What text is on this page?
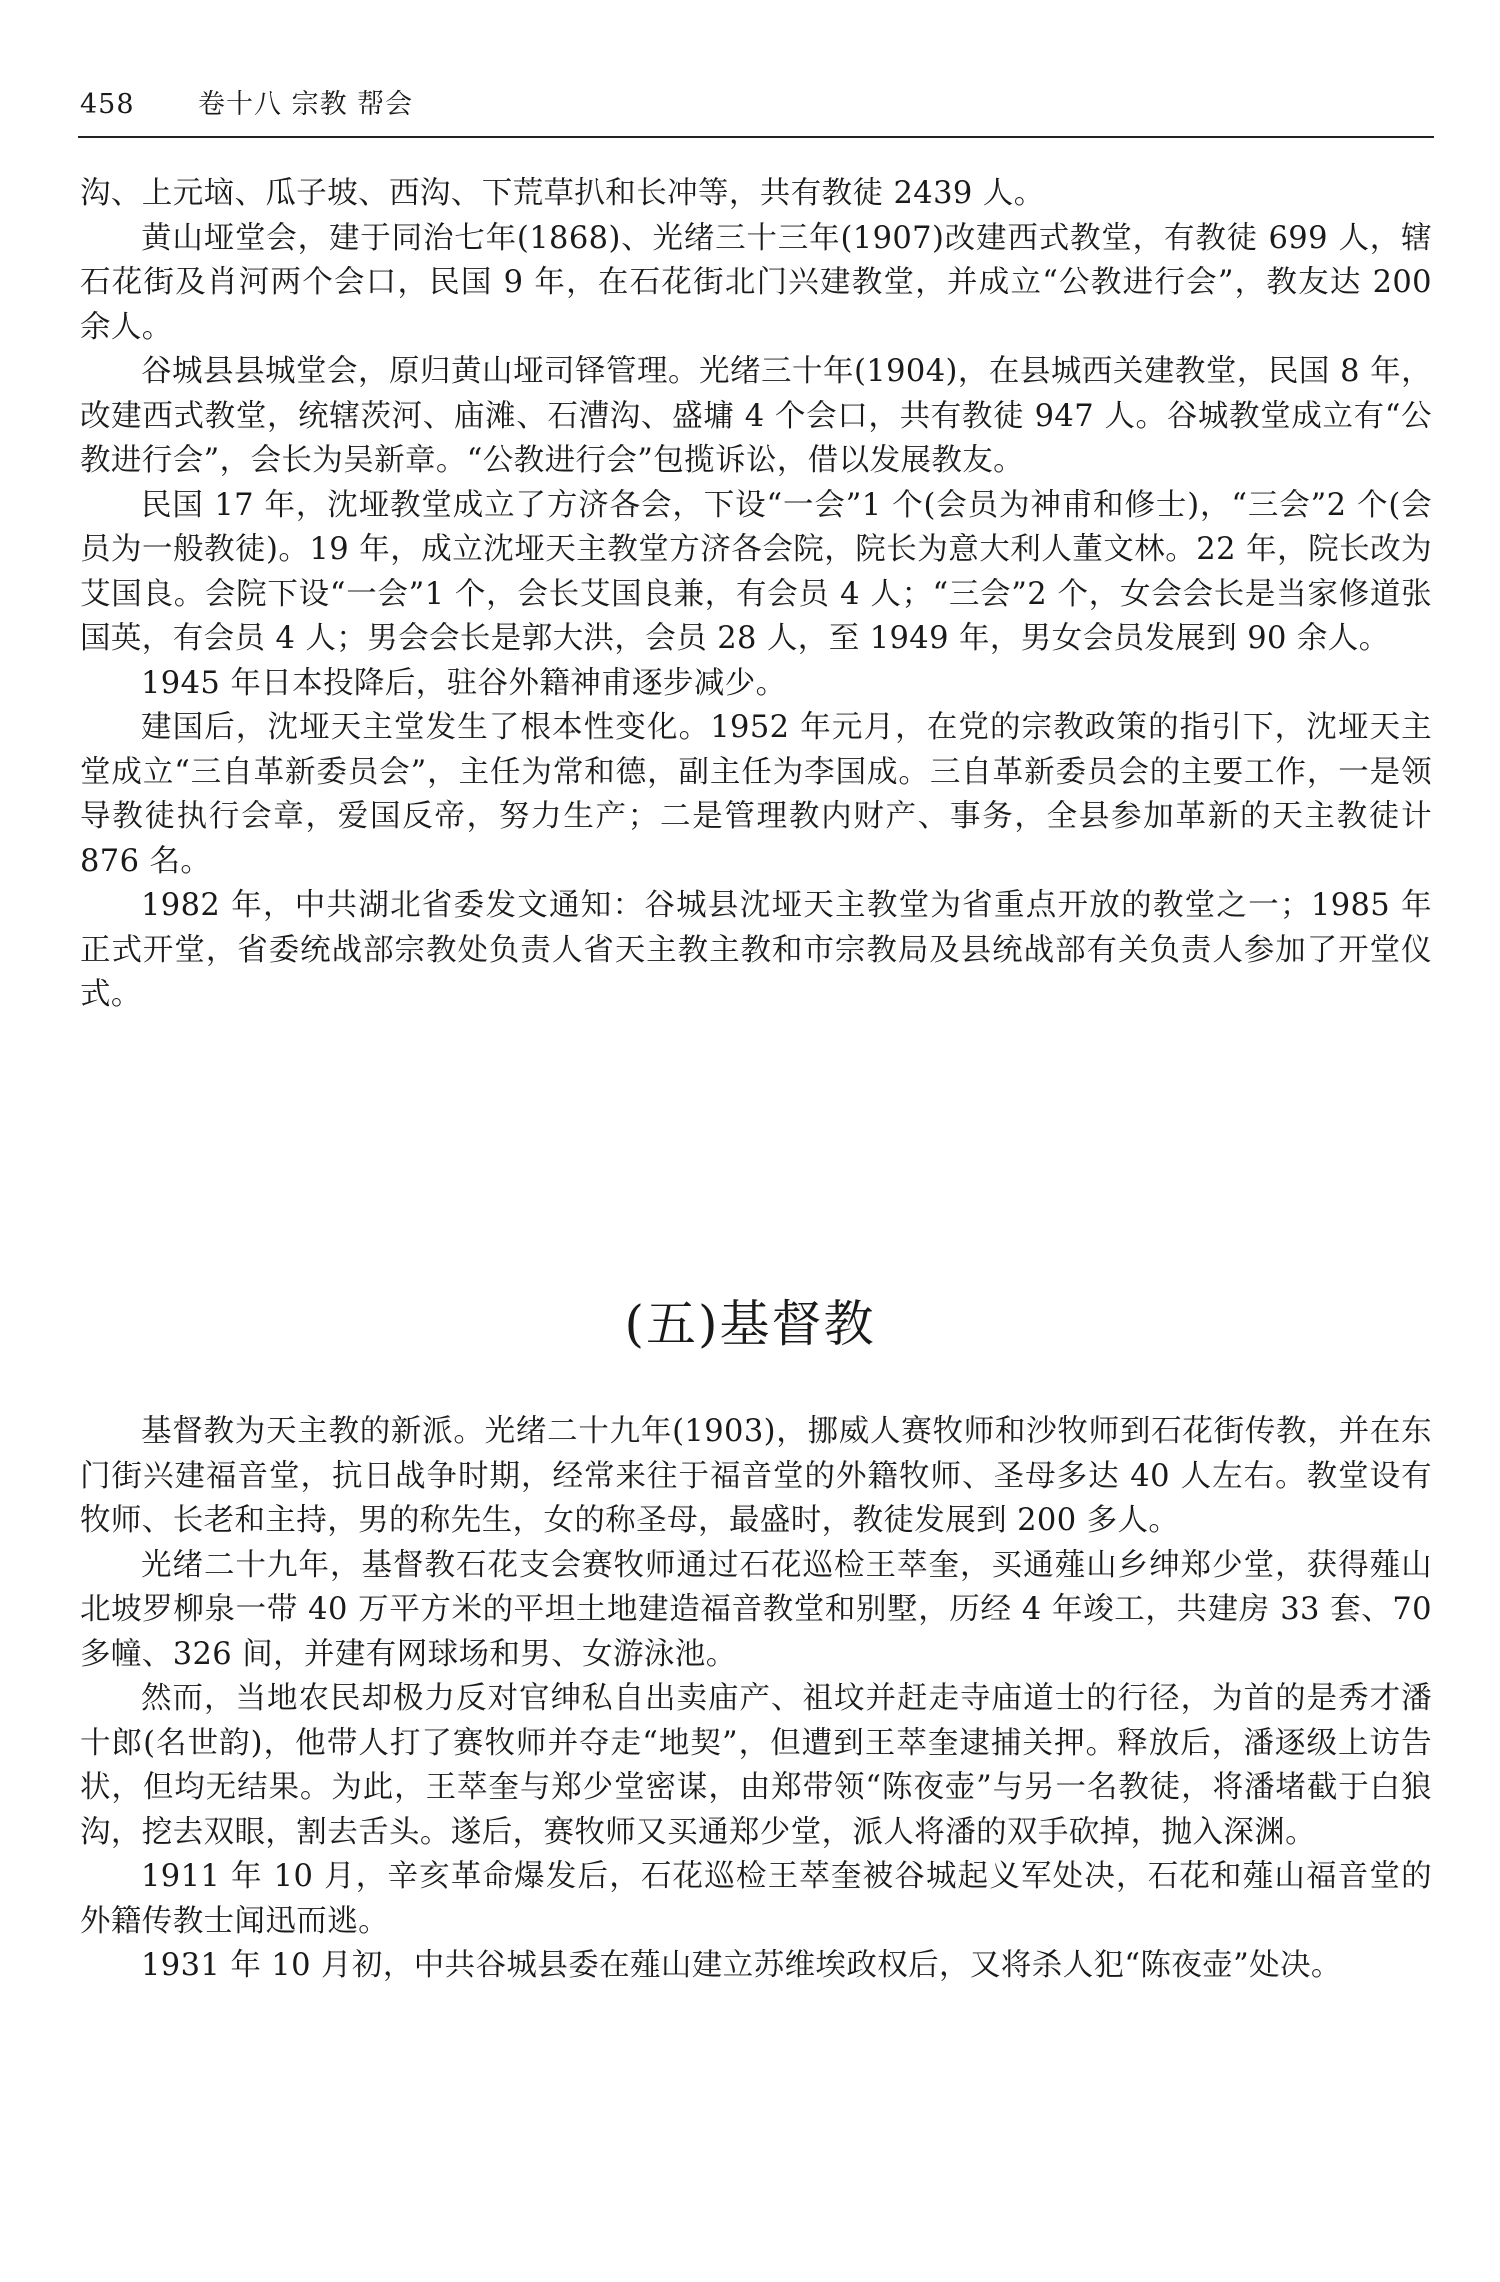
458 卷十八 宗教 帮会

沟、上元垴、瓜子坡、西沟、下荒草扒和长冲等，共有教徒 2439 人。

黄山垭堂会，建于同治七年(1868)、光绪三十三年(1907)改建西式教堂，有教徒 699 人，辖石花街及肖河两个会口，民国 9 年，在石花街北门兴建教堂，并成立“公教进行会”，教友达 200 余人。

谷城县县城堂会，原归黄山垭司铎管理。光绪三十年(1904)，在县城西关建教堂，民国 8 年，改建西式教堂，统辖茨河、庙滩、石漕沟、盛墉 4 个会口，共有教徒 947 人。谷城教堂成立有“公教进行会”，会长为吴新章。“公教进行会”包揽诉讼，借以发展教友。

民国 17 年，沈垭教堂成立了方济各会，下设“一会”1 个(会员为神甫和修士)，“三会”2 个(会员为一般教徒)。19 年，成立沈垭天主教堂方济各会院，院长为意大利人董文林。22 年，院长改为艾国良。会院下设“一会”1 个，会长艾国良兼，有会员 4 人；“三会”2 个，女会会长是当家修道张国英，有会员 4 人；男会会长是郭大洪，会员 28 人，至 1949 年，男女会员发展到 90 余人。

1945 年日本投降后，驻谷外籍神甫逐步减少。

建国后，沈垭天主堂发生了根本性变化。1952 年元月，在党的宗教政策的指引下，沈垭天主堂成立“三自革新委员会”，主任为常和德，副主任为李国成。三自革新委员会的主要工作，一是领导教徒执行会章，爱国反帝，努力生产；二是管理教内财产、事务，全县参加革新的天主教徒计 876 名。

1982 年，中共湖北省委发文通知：谷城县沈垭天主教堂为省重点开放的教堂之一；1985 年正式开堂，省委统战部宗教处负责人省天主教主教和市宗教局及县统战部有关负责人参加了开堂仪式。

(五)基督教

基督教为天主教的新派。光绪二十九年(1903)，挪威人赛牧师和沙牧师到石花街传教，并在东门街兴建福音堂，抗日战争时期，经常来往于福音堂的外籍牧师、圣母多达 40 人左右。教堂设有牧师、长老和主持，男的称先生，女的称圣母，最盛时，教徒发展到 200 多人。

光绪二十九年，基督教石花支会赛牧师通过石花巡检王萃奎，买通薤山乡绅郑少堂，获得薤山北坡罗柳泉一带 40 万平方米的平坦土地建造福音教堂和别墅，历经 4 年竣工，共建房 33 套、70 多幢、326 间，并建有网球场和男、女游泳池。

然而，当地农民却极力反对官绅私自出卖庙产、祖坟并赶走寺庙道士的行径，为首的是秀才潘十郎(名世韵)，他带人打了赛牧师并夺走“地契”，但遭到王萃奎逮捕关押。释放后，潘逐级上访告状，但均无结果。为此，王萃奎与郑少堂密谋，由郑带领“陈夜壶”与另一名教徒，将潘堵截于白狼沟，挖去双眼，割去舌头。遂后，赛牧师又买通郑少堂，派人将潘的双手砍掉，抛入深渊。

1911 年 10 月，辛亥革命爆发后，石花巡检王萃奎被谷城起义军处决，石花和薤山福音堂的外籍传教士闻迅而逃。

1931 年 10 月初，中共谷城县委在薤山建立苏维埃政权后，又将杀人犯“陈夜壶”处决。
